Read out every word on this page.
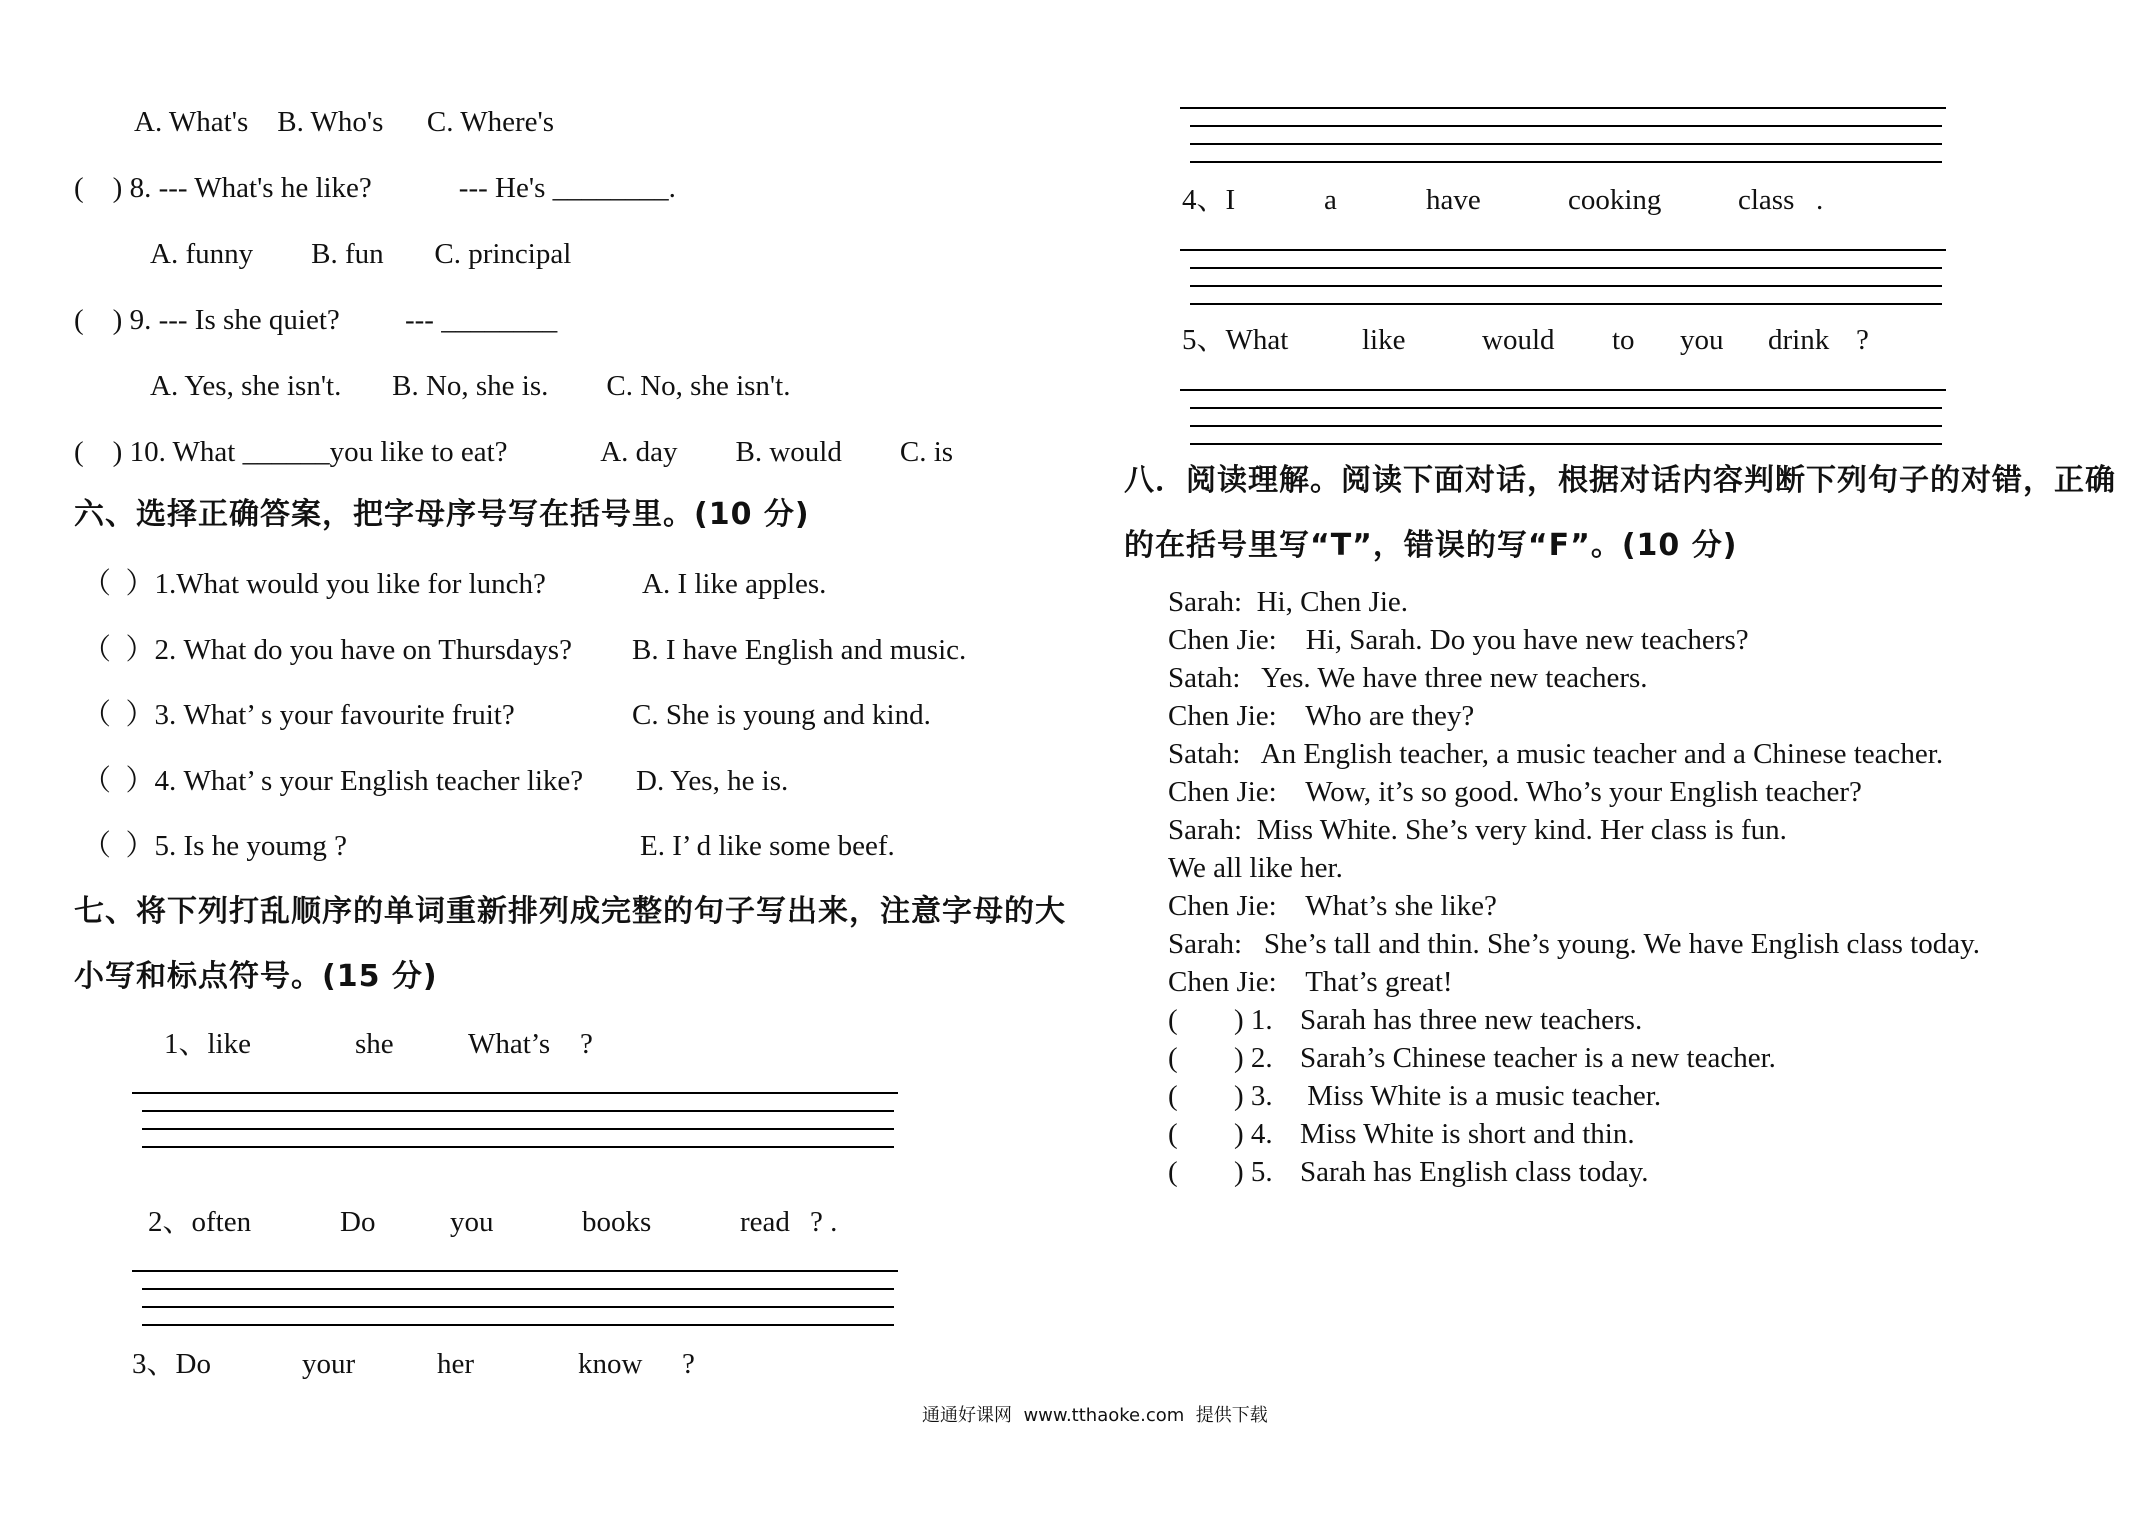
A. What's    B. Who's      C. Where's
(    ) 8. --- What's he like?            --- He's ________.
A. funny        B. fun       C. principal
(    ) 9. --- Is she quiet?         --- ________
A. Yes, she isn't.       B. No, she is.        C. No, she isn't.
(    ) 10. What ______you like to eat?             A. day        B. would        C. is
六、选择正确答案，把字母序号写在括号里。(10 分)
（  ）1.What would you like for lunch?	A. I like apples.
（  ）2. What do you have on Thursdays? B. I have English and music.
（  ）3. What’ s your favourite fruit?	C. She is young and kind.
（  ）4. What’ s your English teacher like? D. Yes, he is.
（  ）5. Is he youmg ?	E. I’ d like some beef.
七、将下列打乱顺序的单词重新排列成完整的句子写出来，注意字母的大
小写和标点符号。(15 分)
1、like	she	What’s ?
2、often	Do	you	books	read ? .
3、Do	your	her	know ?
4、I	a	have	cooking	class .
5、What	like	would to you drink ?
八．阅读理解。阅读下面对话，根据对话内容判断下列句子的对错，正确
的在括号里写“T”，错误的写“F”。(10 分)
Sarah:  Hi, Chen Jie.
Chen Jie:    Hi, Sarah. Do you have new teachers?
Satah:   Yes. We have three new teachers.
Chen Jie:    Who are they?
Satah:   An English teacher, a music teacher and a Chinese teacher.
Chen Jie:    Wow, it’s so good. Who’s your English teacher?
Sarah:  Miss White. She’s very kind. Her class is fun.
We all like her.
Chen Jie:    What’s she like?
Sarah:   She’s tall and thin. She’s young. We have English class today.
Chen Jie:    That’s great!
( ) 1. Sarah has three new teachers.
( ) 2. Sarah’s Chinese teacher is a new teacher.
( ) 3. Miss White is a music teacher.
( ) 4. Miss White is short and thin.
( ) 5. Sarah has English class today.
通通好课网  www.tthaoke.com  提供下载
